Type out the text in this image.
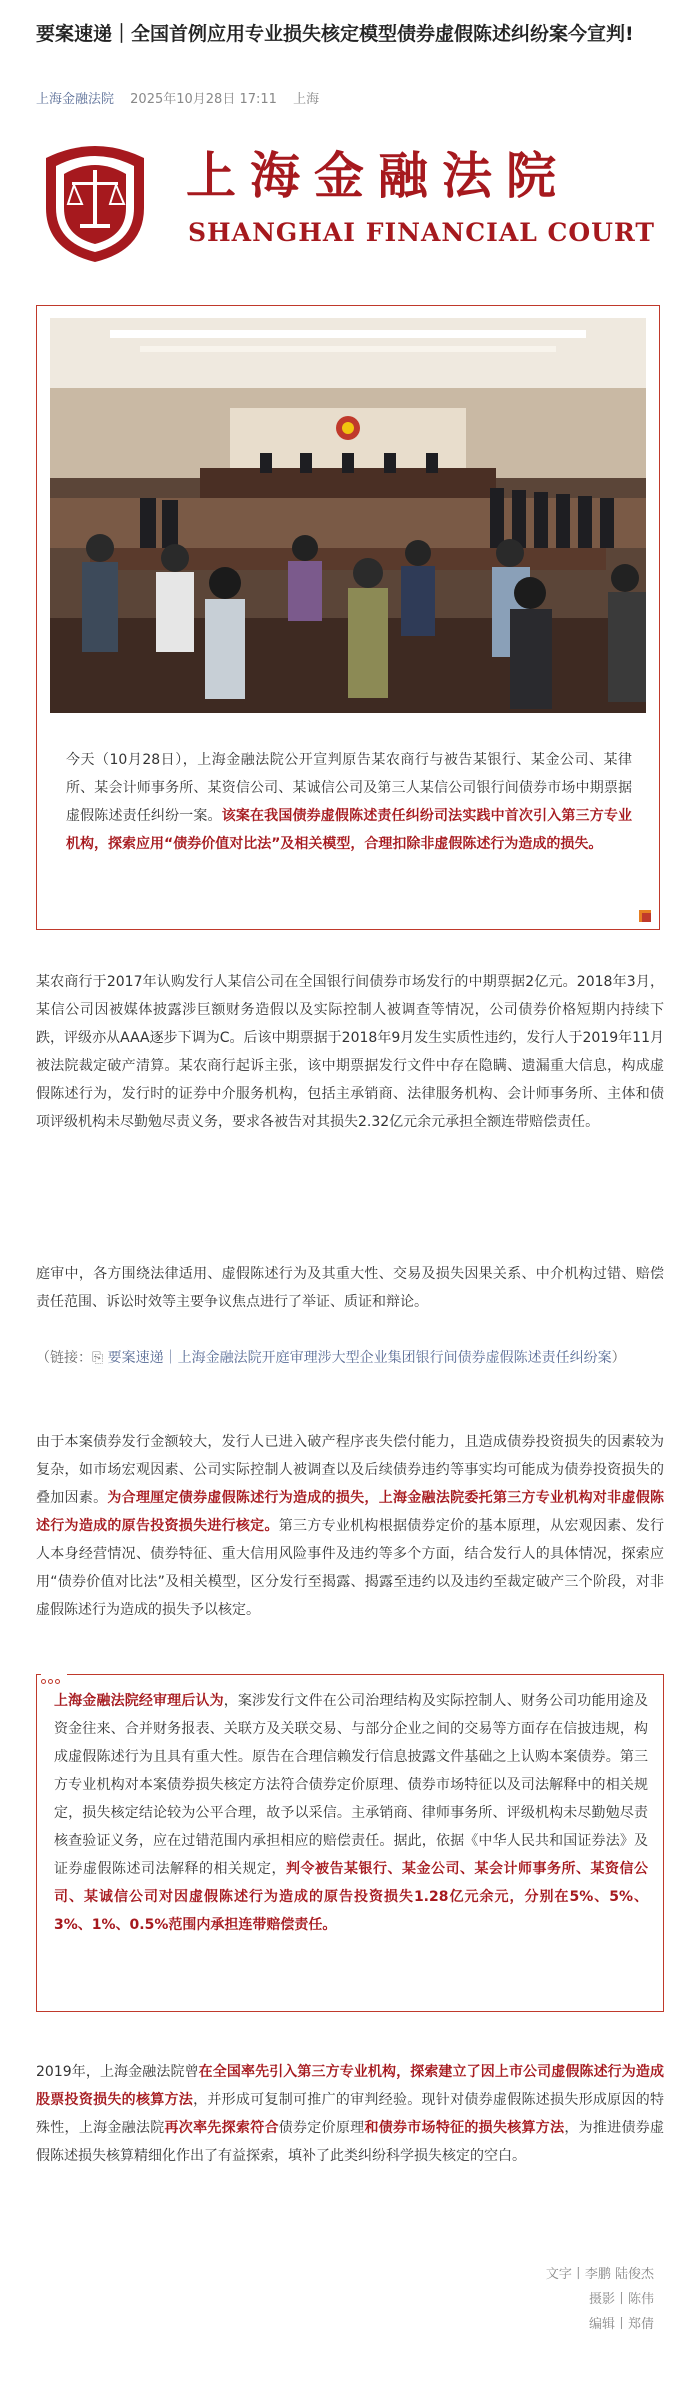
要案速递｜全国首例应用专业损失核定模型债券虚假陈述纠纷案今宣判!
上海金融法院 2025年10月28日 17:11 上海
上海金融法院
SHANGHAI FINANCIAL COURT
今天（10月28日），上海金融法院公开宣判原告某农商行与被告某银行、某金公司、某律所、某会计师事务所、某资信公司、某诚信公司及第三人某信公司银行间债券市场中期票据虚假陈述责任纠纷一案。该案在我国债券虚假陈述责任纠纷司法实践中首次引入第三方专业机构，探索应用“债券价值对比法”及相关模型，合理扣除非虚假陈述行为造成的损失。

某农商行于2017年认购发行人某信公司在全国银行间债券市场发行的中期票据2亿元。2018年3月，某信公司因被媒体披露涉巨额财务造假以及实际控制人被调查等情况，公司债券价格短期内持续下跌，评级亦从AAA逐步下调为C。后该中期票据于2018年9月发生实质性违约，发行人于2019年11月被法院裁定破产清算。某农商行起诉主张，该中期票据发行文件中存在隐瞒、遗漏重大信息，构成虚假陈述行为，发行时的证券中介服务机构，包括主承销商、法律服务机构、会计师事务所、主体和债项评级机构未尽勤勉尽责义务，要求各被告对其损失2.32亿元余元承担全额连带赔偿责任。

庭审中，各方围绕法律适用、虚假陈述行为及其重大性、交易及损失因果关系、中介机构过错、赔偿责任范围、诉讼时效等主要争议焦点进行了举证、质证和辩论。

（链接：⎘ 要案速递｜上海金融法院开庭审理涉大型企业集团银行间债券虚假陈述责任纠纷案）

由于本案债券发行金额较大，发行人已进入破产程序丧失偿付能力，且造成债券投资损失的因素较为复杂，如市场宏观因素、公司实际控制人被调查以及后续债券违约等事实均可能成为债券投资损失的叠加因素。为合理厘定债券虚假陈述行为造成的损失，上海金融法院委托第三方专业机构对非虚假陈述行为造成的原告投资损失进行核定。第三方专业机构根据债券定价的基本原理，从宏观因素、发行人本身经营情况、债券特征、重大信用风险事件及违约等多个方面，结合发行人的具体情况，探索应用“债券价值对比法”及相关模型，区分发行至揭露、揭露至违约以及违约至裁定破产三个阶段，对非虚假陈述行为造成的损失予以核定。

上海金融法院经审理后认为，案涉发行文件在公司治理结构及实际控制人、财务公司功能用途及资金往来、合并财务报表、关联方及关联交易、与部分企业之间的交易等方面存在信披违规，构成虚假陈述行为且具有重大性。原告在合理信赖发行信息披露文件基础之上认购本案债券。第三方专业机构对本案债券损失核定方法符合债券定价原理、债券市场特征以及司法解释中的相关规定，损失核定结论较为公平合理，故予以采信。主承销商、律师事务所、评级机构未尽勤勉尽责核查验证义务，应在过错范围内承担相应的赔偿责任。据此，依据《中华人民共和国证券法》及证券虚假陈述司法解释的相关规定，判令被告某银行、某金公司、某会计师事务所、某资信公司、某诚信公司对因虚假陈述行为造成的原告投资损失1.28亿元余元，分别在5%、5%、3%、1%、0.5%范围内承担连带赔偿责任。

2019年，上海金融法院曾在全国率先引入第三方专业机构，探索建立了因上市公司虚假陈述行为造成股票投资损失的核算方法，并形成可复制可推广的审判经验。现针对债券虚假陈述损失形成原因的特殊性，上海金融法院再次率先探索符合债券定价原理和债券市场特征的损失核算方法，为推进债券虚假陈述损失核算精细化作出了有益探索，填补了此类纠纷科学损失核定的空白。

文字丨李鹏 陆俊杰
摄影丨陈伟
编辑丨郑倩
